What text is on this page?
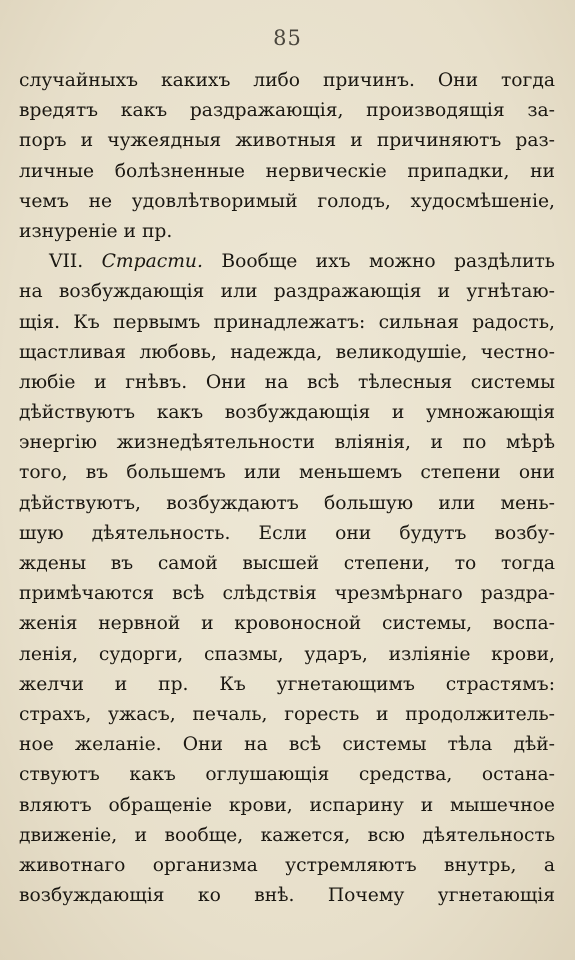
85
случайныхъ какихъ либо причинъ. Они тогда
вредятъ какъ раздражающія, производящія за-
поръ и чужеядныя животныя и причиняютъ раз-
личные болѣзненные нервическіе припадки, ни
чемъ не удовлѣтворимый голодъ, худосмѣшеніе,
изнуреніе и пр.
VII. Страсти. Вообще ихъ можно раздѣлить
на возбуждающія или раздражающія и угнѣтаю-
щія. Къ первымъ принадлежатъ: сильная радость,
щастливая любовь, надежда, великодушіе, честно-
любіе и гнѣвъ. Они на всѣ тѣлесныя системы
дѣйствуютъ какъ возбуждающія и умножающія
энергію жизнедѣятельности вліянія, и по мѣрѣ
того, въ большемъ или меньшемъ степени они
дѣйствуютъ, возбуждаютъ большую или мень-
шую дѣятельность. Если они будутъ возбу-
ждены въ самой высшей степени, то тогда
примѣчаются всѣ слѣдствія чрезмѣрнаго раздра-
женія нервной и кровоносной системы, воспа-
ленія, судорги, спазмы, ударъ, изліяніе крови,
желчи и пр. Къ угнетающимъ страстямъ:
страхъ, ужасъ, печаль, горесть и продолжитель-
ное желаніе. Они на всѣ системы тѣла дѣй-
ствуютъ какъ оглушающія средства, останa-
вляютъ обращеніе крови, испарину и мышечное
движеніе, и вообще, кажется, всю дѣятельность
животнаго организма устремляютъ внутрь, а
возбуждающія ко внѣ. Почему угнетающія
